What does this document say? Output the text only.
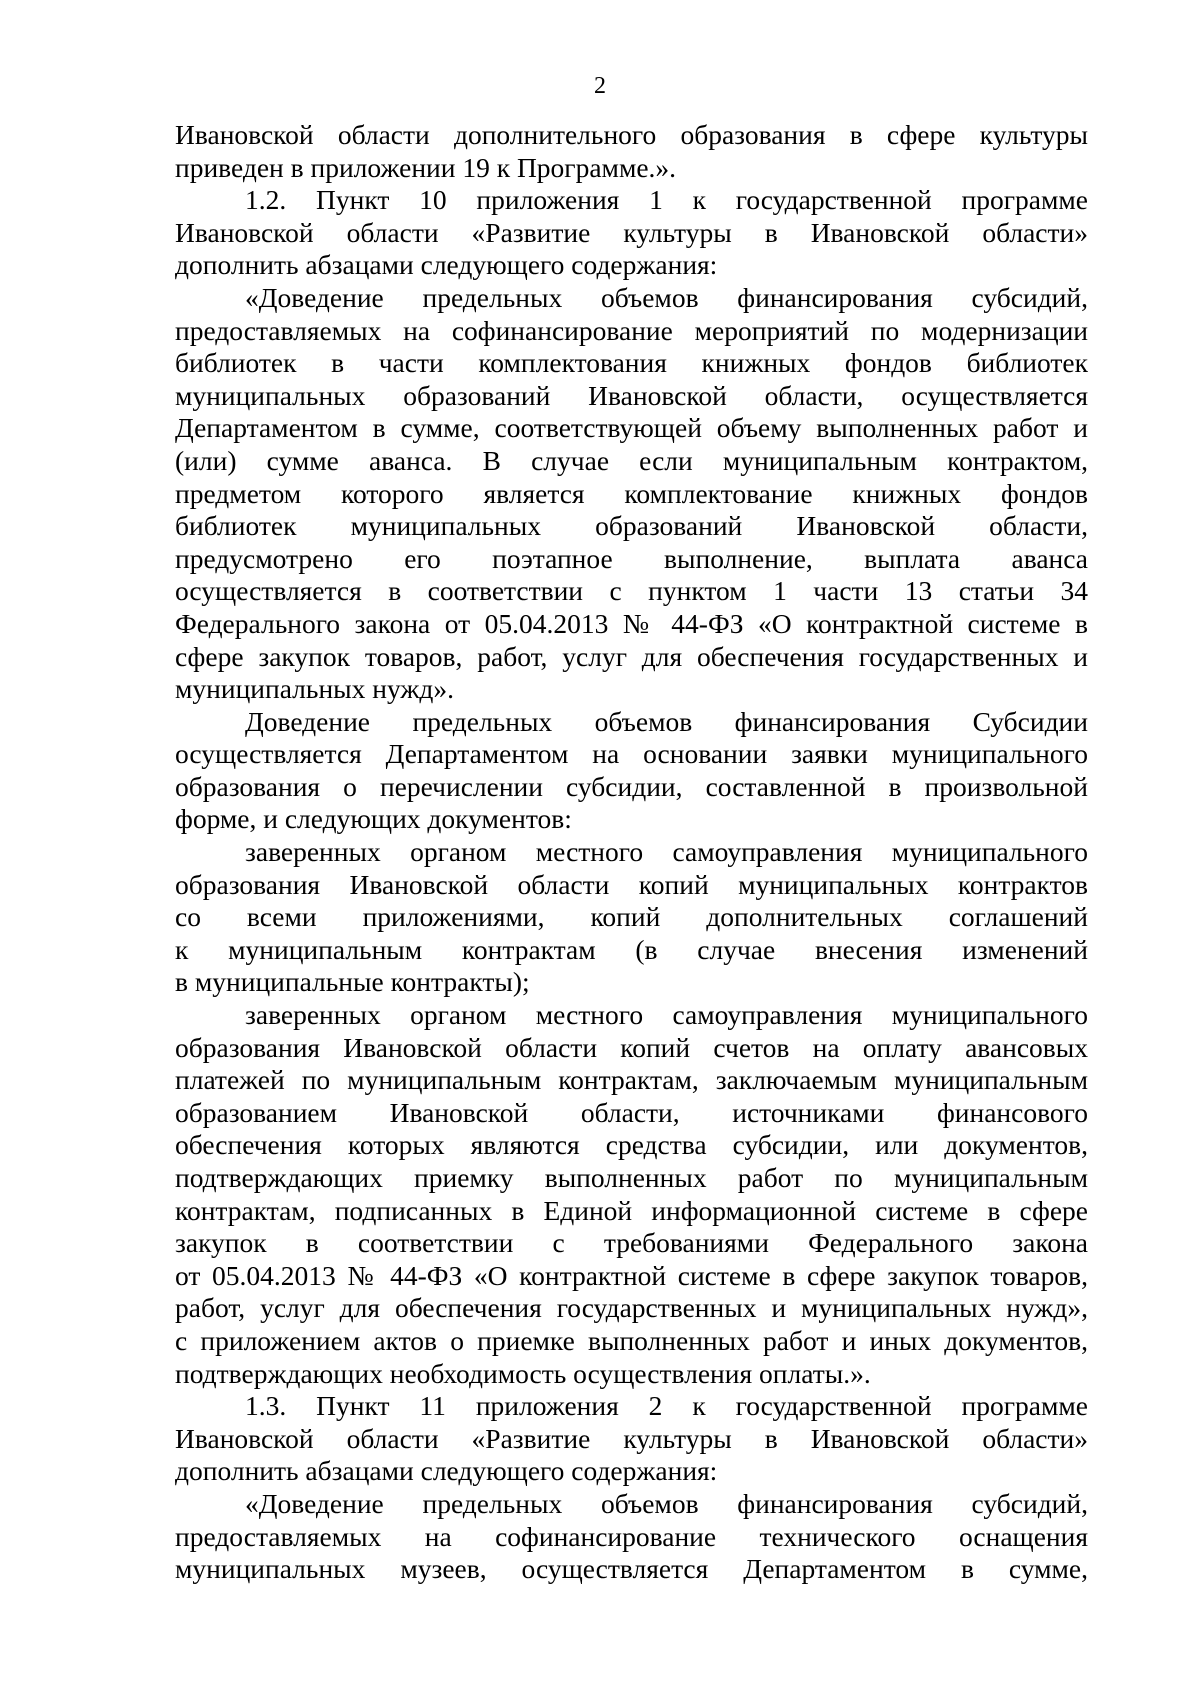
2
Ивановской области дополнительного образования в сфере культуры
приведен в приложении 19 к Программе.».
1.2. Пункт 10 приложения 1 к государственной программе
Ивановской области «Развитие культуры в Ивановской области»
дополнить абзацами следующего содержания:
«Доведение предельных объемов финансирования субсидий,
предоставляемых на софинансирование мероприятий по модернизации
библиотек в части комплектования книжных фондов библиотек
муниципальных образований Ивановской области, осуществляется
Департаментом в сумме, соответствующей объему выполненных работ и
(или) сумме аванса. В случае если муниципальным контрактом,
предметом которого является комплектование книжных фондов
библиотек муниципальных образований Ивановской области,
предусмотрено его поэтапное выполнение, выплата аванса
осуществляется в соответствии с пунктом 1 части 13 статьи 34
Федерального закона от 05.04.2013 № 44-ФЗ «О контрактной системе в
сфере закупок товаров, работ, услуг для обеспечения государственных и
муниципальных нужд».
Доведение предельных объемов финансирования Субсидии
осуществляется Департаментом на основании заявки муниципального
образования о перечислении субсидии, составленной в произвольной
форме, и следующих документов:
заверенных органом местного самоуправления муниципального
образования Ивановской области копий муниципальных контрактов
со всеми приложениями, копий дополнительных соглашений
к муниципальным контрактам (в случае внесения изменений
в муниципальные контракты);
заверенных органом местного самоуправления муниципального
образования Ивановской области копий счетов на оплату авансовых
платежей по муниципальным контрактам, заключаемым муниципальным
образованием Ивановской области, источниками финансового
обеспечения которых являются средства субсидии, или документов,
подтверждающих приемку выполненных работ по муниципальным
контрактам, подписанных в Единой информационной системе в сфере
закупок в соответствии с требованиями Федерального закона
от 05.04.2013 № 44-ФЗ «О контрактной системе в сфере закупок товаров,
работ, услуг для обеспечения государственных и муниципальных нужд»,
с приложением актов о приемке выполненных работ и иных документов,
подтверждающих необходимость осуществления оплаты.».
1.3. Пункт 11 приложения 2 к государственной программе
Ивановской области «Развитие культуры в Ивановской области»
дополнить абзацами следующего содержания:
«Доведение предельных объемов финансирования субсидий,
предоставляемых на софинансирование технического оснащения
муниципальных музеев, осуществляется Департаментом в сумме,
